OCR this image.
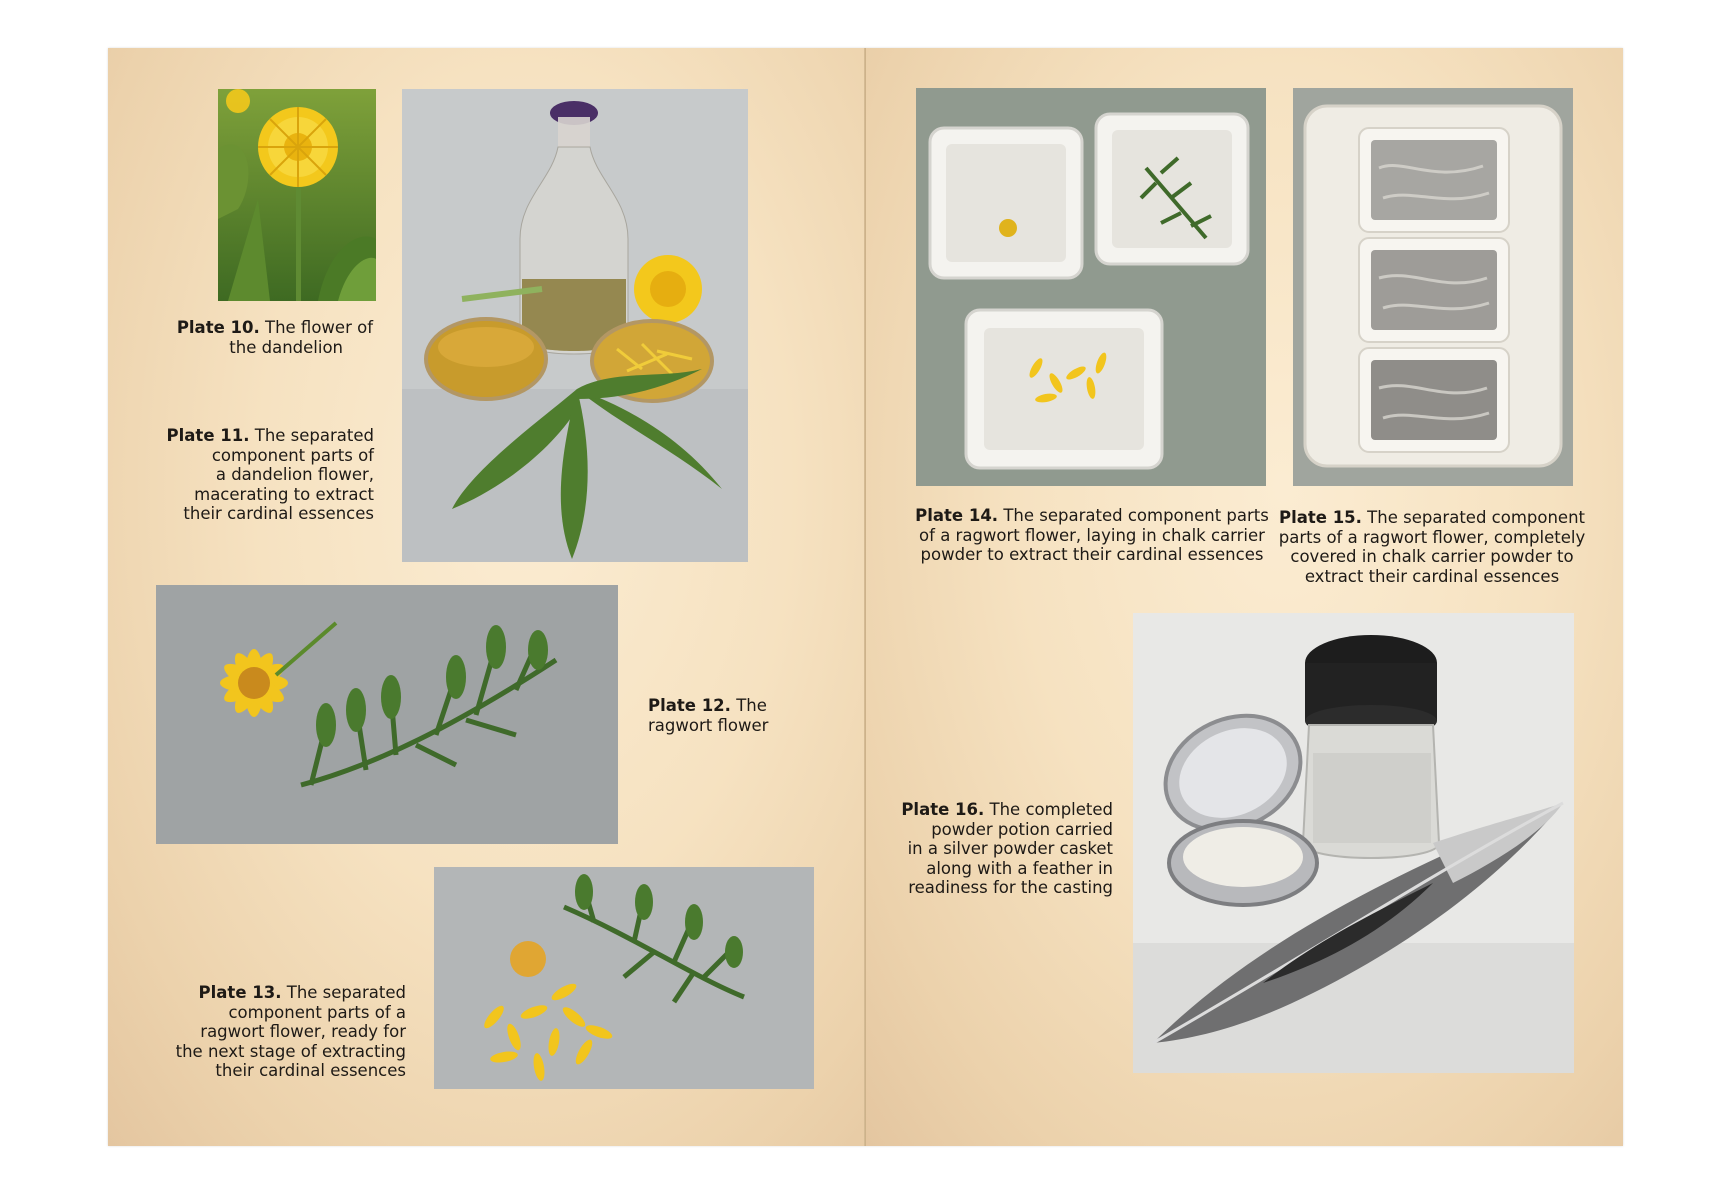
Plate 10. The flower of
the dandelion
Plate 11. The separated
component parts of
a dandelion flower,
macerating to extract
their cardinal essences
Plate 12. The
ragwort flower
Plate 13. The separated
component parts of a
ragwort flower, ready for
the next stage of extracting
their cardinal essences
Plate 14. The separated component parts
of a ragwort flower, laying in chalk carrier
powder to extract their cardinal essences
Plate 15. The separated component
parts of a ragwort flower, completely
covered in chalk carrier powder to
extract their cardinal essences
Plate 16. The completed
powder potion carried
in a silver powder casket
along with a feather in
readiness for the casting
